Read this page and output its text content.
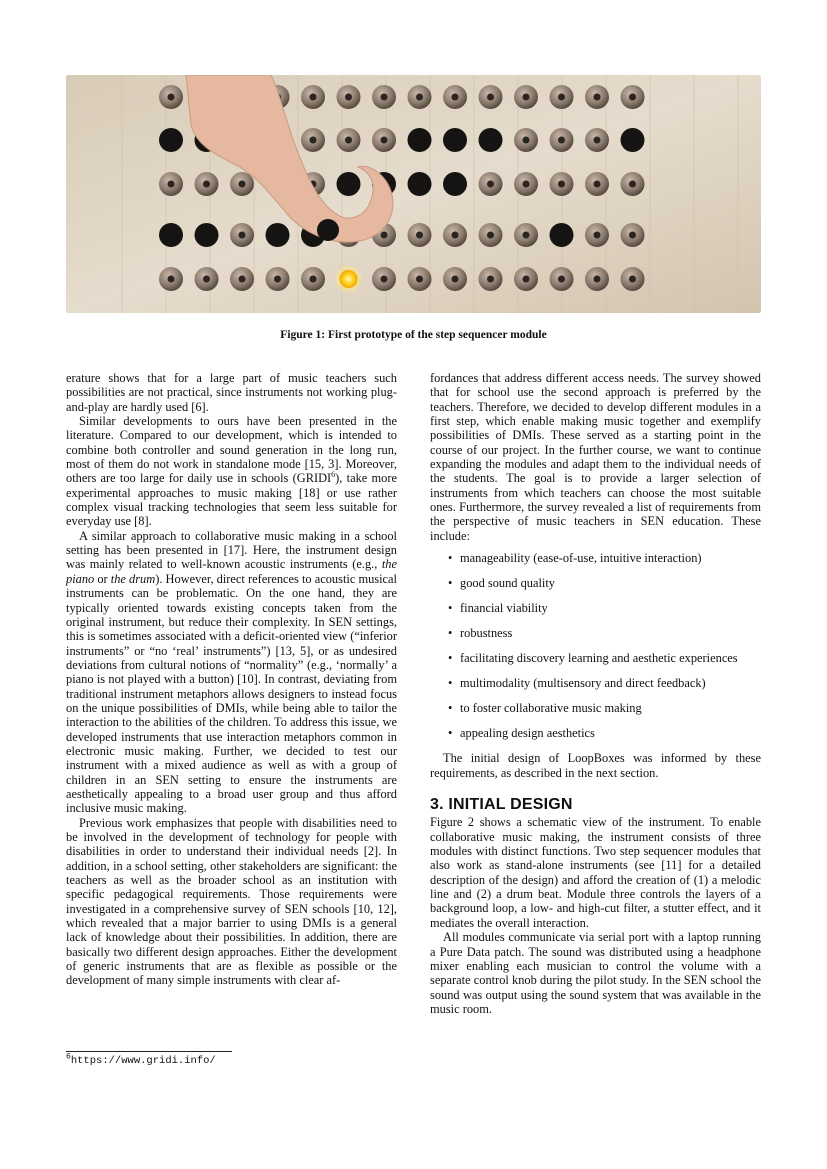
Figure 1: First prototype of the step sequencer module

erature shows that for a large part of music teachers such possibilities are not practical, since instruments not working plug-and-play are hardly used [6].

Similar developments to ours have been presented in the literature. Compared to our development, which is intended to combine both controller and sound generation in the long run, most of them do not work in standalone mode [15, 3]. Moreover, others are too large for daily use in schools (GRIDI$^6$), take more experimental approaches to music making [18] or use rather complex visual tracking technologies that seem less suitable for everyday use [8].

A similar approach to collaborative music making in a school setting has been presented in [17]. Here, the instrument design was mainly related to well-known acoustic instruments (e.g., the piano or the drum). However, direct references to acoustic musical instruments can be problematic. On the one hand, they are typically oriented towards existing concepts taken from the original instrument, but reduce their complexity. In SEN settings, this is sometimes associated with a deficit-oriented view (“inferior instruments” or “no ‘real’ instruments”) [13, 5], or as undesired deviations from cultural notions of “normality” (e.g., ‘normally’ a piano is not played with a button) [10]. In contrast, deviating from traditional instrument metaphors allows designers to instead focus on the unique possibilities of DMIs, while being able to tailor the interaction to the abilities of the children. To address this issue, we developed instruments that use interaction metaphors common in electronic music making. Further, we decided to test our instrument with a mixed audience as well as with a group of children in an SEN setting to ensure the instruments are aesthetically appealing to a broad user group and thus afford inclusive music making.

Previous work emphasizes that people with disabilities need to be involved in the development of technology for people with disabilities in order to understand their individual needs [2]. In addition, in a school setting, other stakeholders are significant: the teachers as well as the broader school as an institution with specific pedagogical requirements. Those requirements were investigated in a comprehensive survey of SEN schools [10, 12], which revealed that a major barrier to using DMIs is a general lack of knowledge about their possibilities. In addition, there are basically two different design approaches. Either the development of generic instruments that are as flexible as possible or the development of many simple instruments with clear af-

$^6$https://www.gridi.info/

fordances that address different access needs. The survey showed that for school use the second approach is preferred by the teachers. Therefore, we decided to develop different modules in a first step, which enable making music together and exemplify possibilities of DMIs. These served as a starting point in the course of our project. In the further course, we want to continue expanding the modules and adapt them to the individual needs of the students. The goal is to provide a larger selection of instruments from which teachers can choose the most suitable ones. Furthermore, the survey revealed a list of requirements from the perspective of music teachers in SEN education. These include:

• manageability (ease-of-use, intuitive interaction)
• good sound quality
• financial viability
• robustness
• facilitating discovery learning and aesthetic experiences
• multimodality (multisensory and direct feedback)
• to foster collaborative music making
• appealing design aesthetics

The initial design of LoopBoxes was informed by these requirements, as described in the next section.

3. INITIAL DESIGN

Figure 2 shows a schematic view of the instrument. To enable collaborative music making, the instrument consists of three modules with distinct functions. Two step sequencer modules that also work as stand-alone instruments (see [11] for a detailed description of the design) and afford the creation of (1) a melodic line and (2) a drum beat. Module three controls the layers of a background loop, a low- and high-cut filter, a stutter effect, and it mediates the overall interaction.

All modules communicate via serial port with a laptop running a Pure Data patch. The sound was distributed using a headphone mixer enabling each musician to control the volume with a separate control knob during the pilot study. In the SEN school the sound was output using the sound system that was available in the music room.
